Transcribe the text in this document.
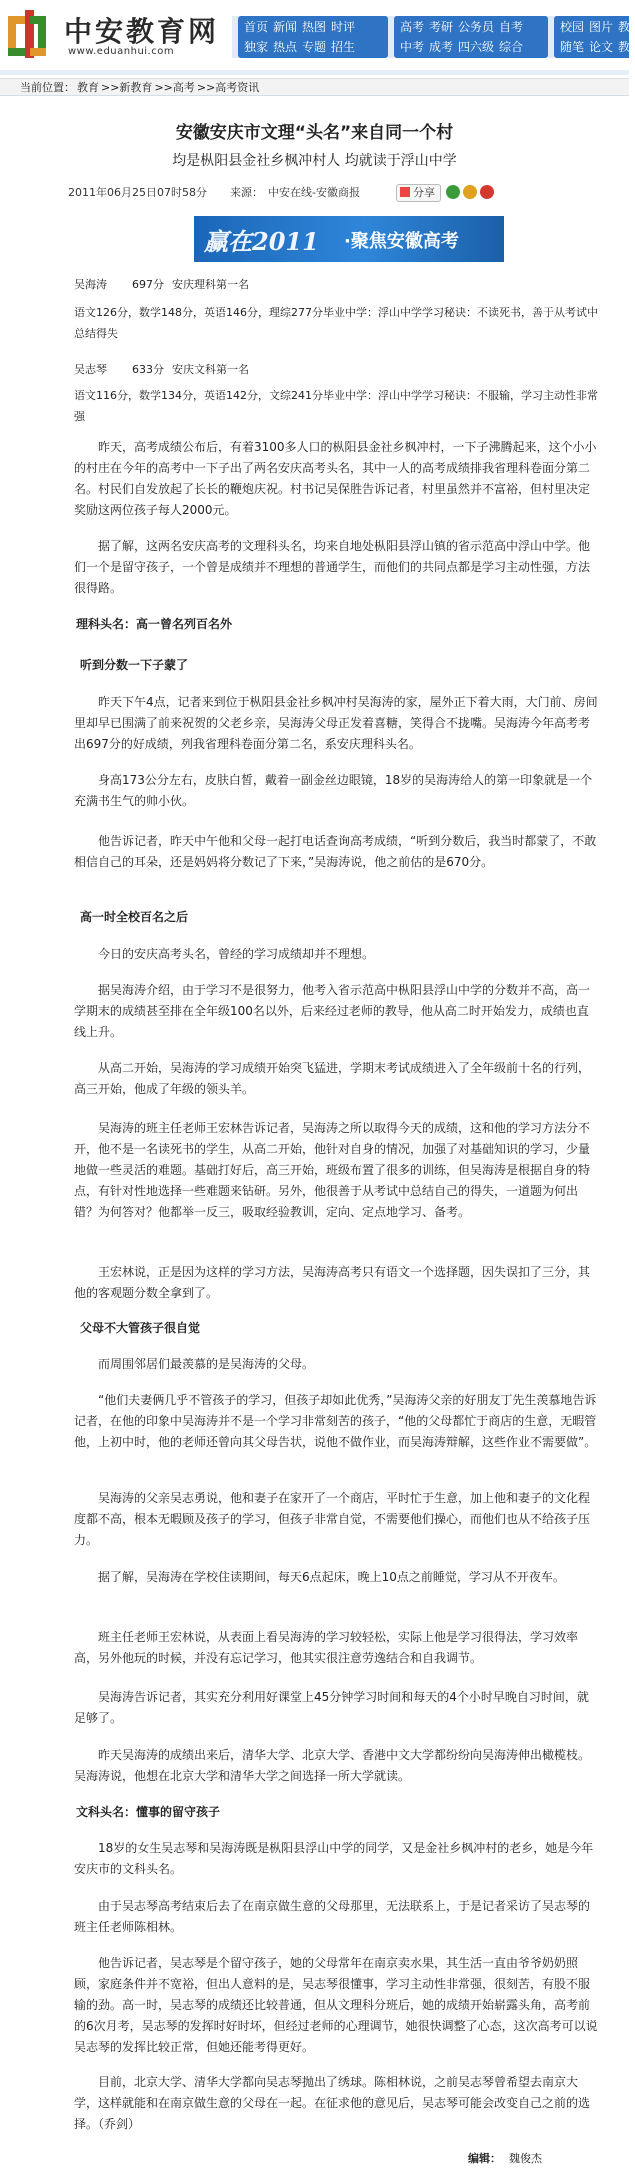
中安教育网
www.eduanhui.com
首页 新闻 热图 时评
独家 热点 专题 招生
高考 考研 公务员 自考
中考 成考 四六级 综合
校园 图片 教
随笔 论文 教
当前位置： 教育 >>新教育 >>高考 >>高考资讯
安徽安庆市文理“头名”来自同一个村
均是枞阳县金社乡枫冲村人 均就读于浮山中学
2011年06月25日07时58分 来源： 中安在线-安徽商报	分享
赢在2011 ·聚焦安徽高考
吴海涛 697分 安庆理科第一名
语文126分，数学148分，英语146分，理综277分毕业中学：浮山中学学习秘诀：不读死书，善于从考试中总结得失
吴志琴 633分 安庆文科第一名
语文116分，数学134分，英语142分，文综241分毕业中学：浮山中学学习秘诀：不服输，学习主动性非常强
昨天，高考成绩公布后，有着3100多人口的枞阳县金社乡枫冲村，一下子沸腾起来，这个小小的村庄在今年的高考中一下子出了两名安庆高考头名，其中一人的高考成绩排我省理科卷面分第二名。村民们自发放起了长长的鞭炮庆祝。村书记吴保胜告诉记者，村里虽然并不富裕，但村里决定奖励这两位孩子每人2000元。
据了解，这两名安庆高考的文理科头名，均来自地处枞阳县浮山镇的省示范高中浮山中学。他们一个是留守孩子，一个曾是成绩并不理想的普通学生，而他们的共同点都是学习主动性强，方法很得路。
理科头名：高一曾名列百名外
听到分数一下子蒙了
昨天下午4点，记者来到位于枞阳县金社乡枫冲村吴海涛的家，屋外正下着大雨，大门前、房间里却早已围满了前来祝贺的父老乡亲，吴海涛父母正发着喜糖，笑得合不拢嘴。吴海涛今年高考考出697分的好成绩，列我省理科卷面分第二名，系安庆理科头名。
身高173公分左右，皮肤白皙，戴着一副金丝边眼镜，18岁的吴海涛给人的第一印象就是一个充满书生气的帅小伙。
他告诉记者，昨天中午他和父母一起打电话查询高考成绩，“听到分数后，我当时都蒙了，不敢相信自己的耳朵，还是妈妈将分数记了下来，”吴海涛说，他之前估的是670分。
高一时全校百名之后
今日的安庆高考头名，曾经的学习成绩却并不理想。
据吴海涛介绍，由于学习不是很努力，他考入省示范高中枞阳县浮山中学的分数并不高，高一学期末的成绩甚至排在全年级100名以外，后来经过老师的教导，他从高二时开始发力，成绩也直线上升。
从高二开始，吴海涛的学习成绩开始突飞猛进，学期末考试成绩进入了全年级前十名的行列，高三开始，他成了年级的领头羊。
吴海涛的班主任老师王宏林告诉记者，吴海涛之所以取得今天的成绩，这和他的学习方法分不开，他不是一名读死书的学生，从高二开始，他针对自身的情况，加强了对基础知识的学习，少量地做一些灵活的难题。基础打好后，高三开始，班级布置了很多的训练，但吴海涛是根据自身的特点，有针对性地选择一些难题来钻研。另外，他很善于从考试中总结自己的得失，一道题为何出错？为何答对？他都举一反三，吸取经验教训，定向、定点地学习、备考。
王宏林说，正是因为这样的学习方法，吴海涛高考只有语文一个选择题，因失误扣了三分，其他的客观题分数全拿到了。
父母不大管孩子很自觉
而周围邻居们最羡慕的是吴海涛的父母。
“他们夫妻俩几乎不管孩子的学习，但孩子却如此优秀，”吴海涛父亲的好朋友丁先生羡慕地告诉记者，在他的印象中吴海涛并不是一个学习非常刻苦的孩子，“他的父母都忙于商店的生意，无暇管他，上初中时，他的老师还曾向其父母告状，说他不做作业，而吴海涛辩解，这些作业不需要做”。
吴海涛的父亲吴志勇说，他和妻子在家开了一个商店，平时忙于生意，加上他和妻子的文化程度都不高，根本无暇顾及孩子的学习，但孩子非常自觉，不需要他们操心，而他们也从不给孩子压力。
据了解，吴海涛在学校住读期间，每天6点起床，晚上10点之前睡觉，学习从不开夜车。
班主任老师王宏林说，从表面上看吴海涛的学习较轻松，实际上他是学习很得法，学习效率高，另外他玩的时候，并没有忘记学习，他其实很注意劳逸结合和自我调节。
吴海涛告诉记者，其实充分利用好课堂上45分钟学习时间和每天的4个小时早晚自习时间，就足够了。
昨天吴海涛的成绩出来后，清华大学、北京大学、香港中文大学都纷纷向吴海涛伸出橄榄枝。吴海涛说，他想在北京大学和清华大学之间选择一所大学就读。
文科头名：懂事的留守孩子
18岁的女生吴志琴和吴海涛既是枞阳县浮山中学的同学，又是金社乡枫冲村的老乡，她是今年安庆市的文科头名。
由于吴志琴高考结束后去了在南京做生意的父母那里，无法联系上，于是记者采访了吴志琴的班主任老师陈相林。
他告诉记者，吴志琴是个留守孩子，她的父母常年在南京卖水果，其生活一直由爷爷奶奶照顾，家庭条件并不宽裕，但出人意料的是，吴志琴很懂事，学习主动性非常强，很刻苦，有股不服输的劲。高一时，吴志琴的成绩还比较普通，但从文理科分班后，她的成绩开始崭露头角，高考前的6次月考，吴志琴的发挥时好时坏，但经过老师的心理调节，她很快调整了心态，这次高考可以说吴志琴的发挥比较正常，但她还能考得更好。
目前，北京大学、清华大学都向吴志琴抛出了绣球。陈相林说，之前吴志琴曾希望去南京大学，这样就能和在南京做生意的父母在一起。在征求他的意见后，吴志琴可能会改变自己之前的选择。（乔剑）
编辑： 魏俊杰
